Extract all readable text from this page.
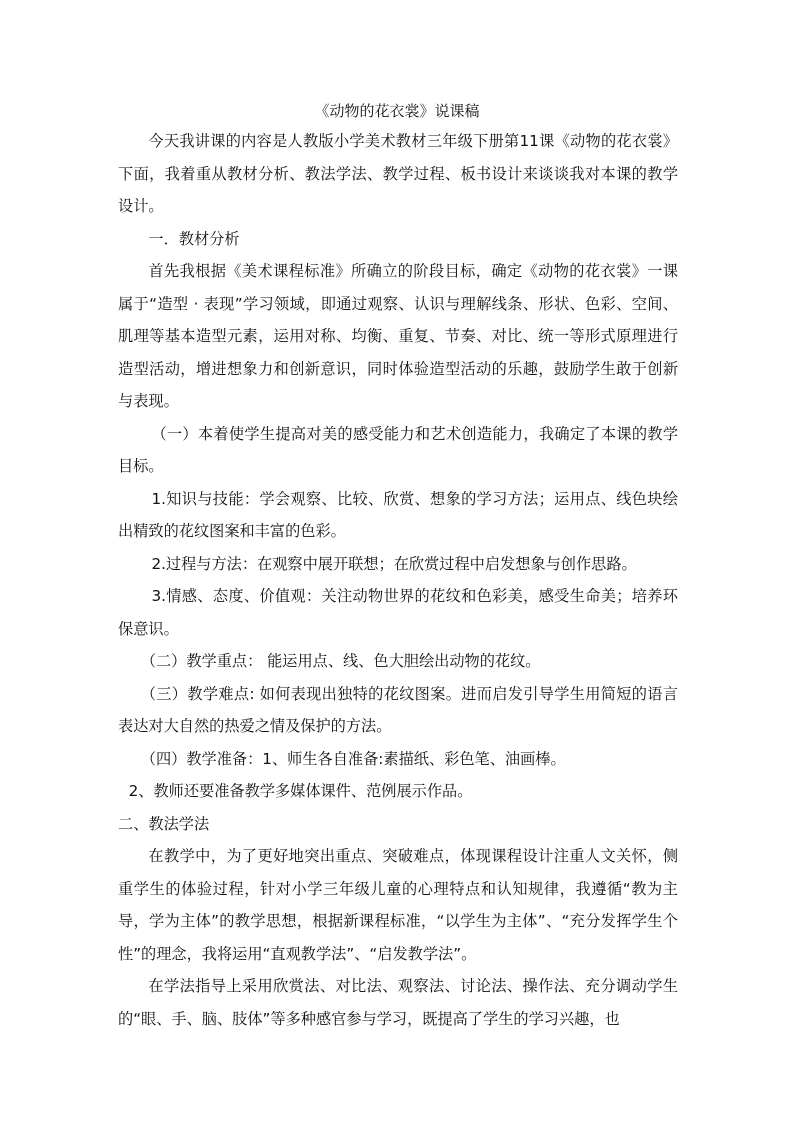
《动物的花衣裳》说课稿

今天我讲课的内容是人教版小学美术教材三年级下册第11课《动物的花衣裳》下面，我着重从教材分析、教法学法、教学过程、板书设计来谈谈我对本课的教学设计。

一．教材分析

首先我根据《美术课程标准》所确立的阶段目标，确定《动物的花衣裳》一课属于“造型 · 表现”学习领域，即通过观察、认识与理解线条、形状、色彩、空间、肌理等基本造型元素，运用对称、均衡、重复、节奏、对比、统一等形式原理进行造型活动，增进想象力和创新意识，同时体验造型活动的乐趣，鼓励学生敢于创新与表现。

（一）本着使学生提高对美的感受能力和艺术创造能力，我确定了本课的教学目标。

1.知识与技能：学会观察、比较、欣赏、想象的学习方法；运用点、线色块绘出精致的花纹图案和丰富的色彩。

2.过程与方法：在观察中展开联想；在欣赏过程中启发想象与创作思路。

3.情感、态度、价值观：关注动物世界的花纹和色彩美，感受生命美；培养环保意识。

（二）教学重点： 能运用点、线、色大胆绘出动物的花纹。

（三）教学难点: 如何表现出独特的花纹图案。进而启发引导学生用简短的语言表达对大自然的热爱之情及保护的方法。

（四）教学准备：1、师生各自准备:素描纸、彩色笔、油画棒。

2、教师还要准备教学多媒体课件、范例展示作品。

二、教法学法

在教学中，为了更好地突出重点、突破难点，体现课程设计注重人文关怀，侧重学生的体验过程，针对小学三年级儿童的心理特点和认知规律，我遵循“教为主导，学为主体”的教学思想，根据新课程标准，“以学生为主体”、“充分发挥学生个性”的理念，我将运用“直观教学法”、“启发教学法”。

在学法指导上采用欣赏法、对比法、观察法、讨论法、操作法、充分调动学生的“眼、手、脑、肢体”等多种感官参与学习，既提高了学生的学习兴趣，也
